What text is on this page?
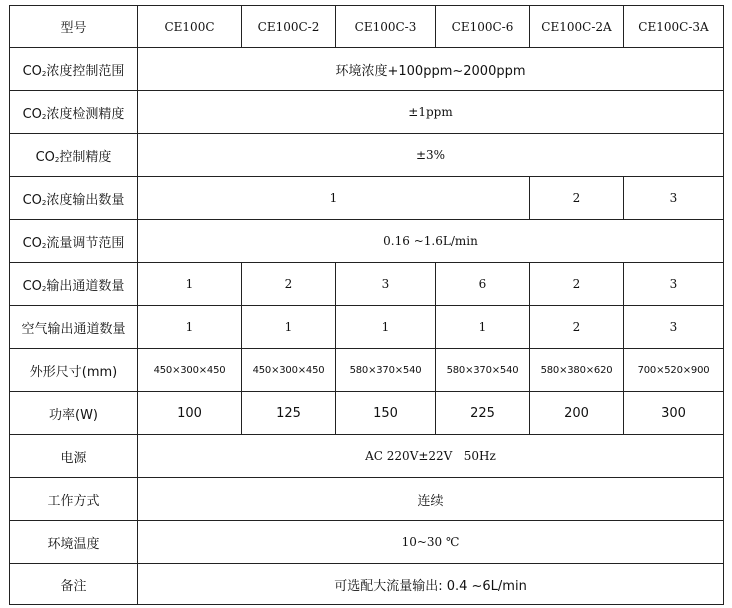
型号	CE100C	CE100C-2	CE100C-3	CE100C-6	CE100C-2A	CE100C-3A
$CO_2$浓度控制范围	环境浓度+100ppm~2000ppm					
$CO_2$浓度检测精度	±1ppm					
$CO_2$控制精度	±3%					
$CO_2$浓度输出数量	1				2	3
$CO_2$流量调节范围	0.16 ~1.6L/min					
$CO_2$输出通道数量	1	2	3	6	2	3
空气输出通道数量	1	1	1	1	2	3
外形尺寸(mm)	450×300×450	450×300×450	580×370×540	580×370×540	580×380×620	700×520×900
功率(W)	100	125	150	225	200	300
电源	AC 220V±22V   50Hz					
工作方式	连续					
环境温度	10~30 ℃					
备注	可选配大流量输出: 0.4 ~6L/min					
